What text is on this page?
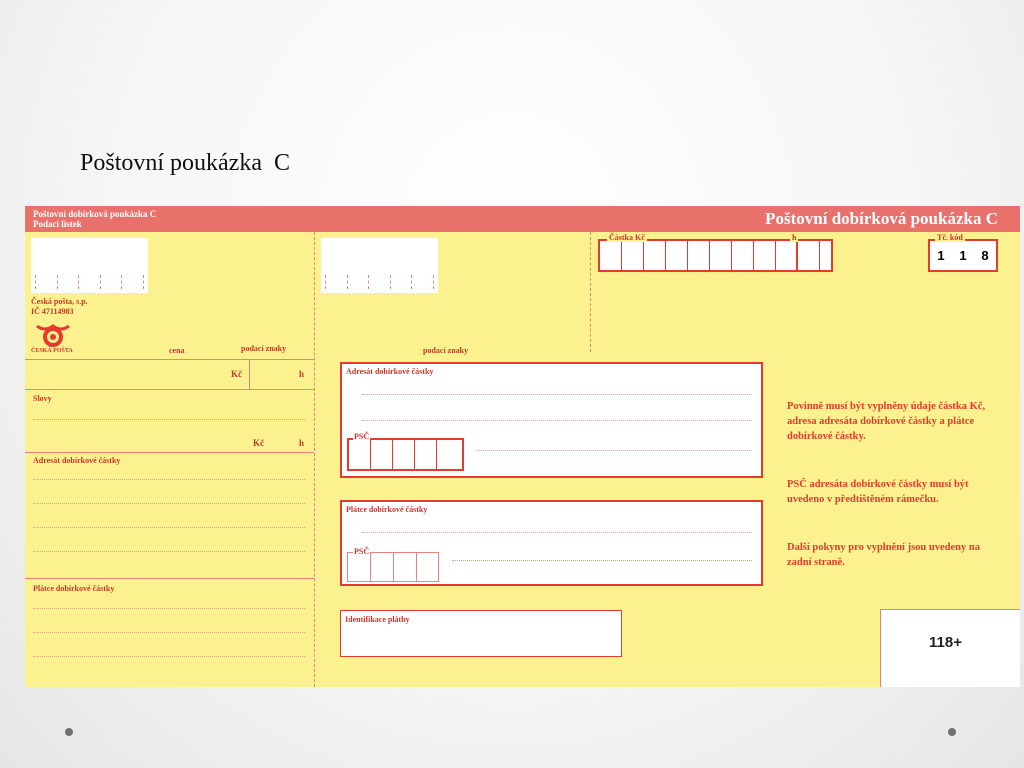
Poštovní poukázka  C
Poštovní dobírková poukázka C
Podací lístek	Poštovní dobírková poukázka C
Česká pošta, s.p.
IČ 47114983
ČESKÁ POŠTA	cena	podací znaky
Kč	h
Slovy
Kč	h
Adresát dobírkové částky
Plátce dobírkové částky
podací znaky
Částka Kč	h
1 1 8
Tč. kód
Adresát dobírkové částky
PSČ
Plátce dobírkové částky
PSČ
Identifikace plátby
Povinně musí být vyplněny údaje částka Kč, adresa adresáta dobírkové částky a plátce dobírkové částky.
PSČ adresáta dobírkové částky musí být uvedeno v předtištěném rámečku.
Další pokyny pro vyplnění jsou uvedeny na zadní straně.
118+
